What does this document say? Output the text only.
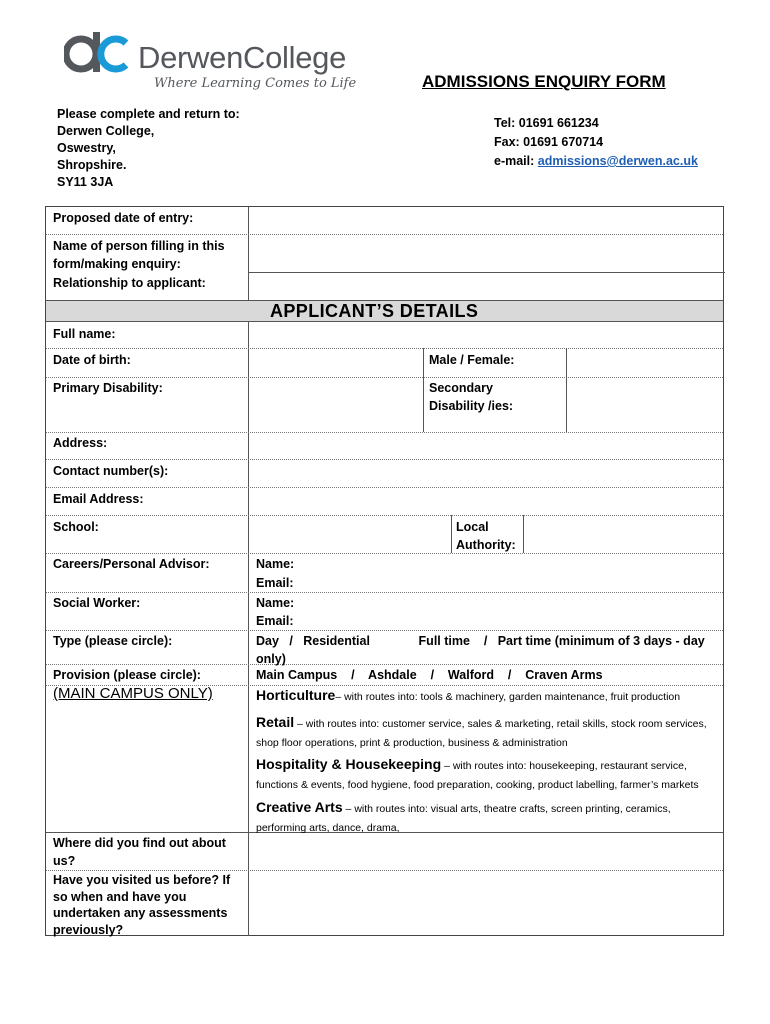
DerwenCollege
Where Learning Comes to Life	ADMISSIONS ENQUIRY FORM
Please complete and return to:
Derwen College,
Oswestry,
Shropshire.
SY11 3JA
Tel: 01691 661234
Fax: 01691 670714
e-mail: admissions@derwen.ac.uk
Proposed date of entry:
Name of person filling in this form/making enquiry:
Relationship to applicant:
APPLICANT’S DETAILS
Full name:
Date of birth:	Male / Female:
Primary Disability:	Secondary Disability /ies:
Address:
Contact number(s):
Email Address:
School:	Local Authority:
Careers/Personal Advisor:	Name:
Email:
Social Worker:	Name:
Email:
Type (please circle):	Day   /   Residential              Full time    /   Part time (minimum of 3 days - day only)
Provision (please circle):	Main Campus    /    Ashdale    /    Walford    /    Craven Arms
(MAIN CAMPUS ONLY)	Horticulture– with routes into: tools & machinery, garden maintenance, fruit production
Retail – with routes into: customer service, sales & marketing, retail skills, stock room services, shop floor operations, print & production, business & administration
Hospitality & Housekeeping – with routes into: housekeeping, restaurant service, functions & events, food hygiene, food preparation, cooking, product labelling, farmer’s markets
Creative Arts – with routes into: visual arts, theatre crafts, screen printing, ceramics, performing arts, dance, drama,
Where did you find out about us?
Have you visited us before? If so when and have you undertaken any assessments previously?
